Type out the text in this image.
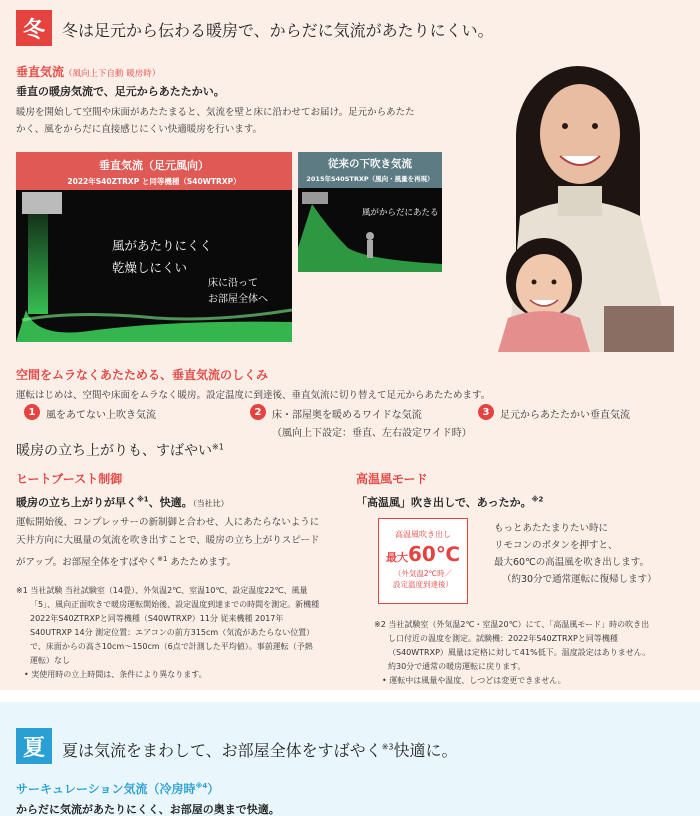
冬	冬は足元から伝わる暖房で、からだに気流があたりにくい。
垂直気流（風向上下自動 暖房時）
垂直の暖房気流で、足元からあたたかい。
暖房を開始して空間や床面があたたまると、気流を壁と床に沿わせてお届け。足元からあたた
かく、風をからだに直接感じにくい快適暖房を行います。
垂直気流（足元風向）
2022年S40ZTRXP と同等機種（S40WTRXP）
風があたりにくく
乾燥しにくい
床に沿って
お部屋全体へ
従来の下吹き気流
2015年S40STRXP（風向・風量を再現）
風がからだにあたる
空間をムラなくあたためる、垂直気流のしくみ
運転はじめは、空間や床面をムラなく暖房。設定温度に到達後、垂直気流に切り替えて足元からあたためます。
1	風をあてない上吹き気流	2	床・部屋奥を暖めるワイドな気流
（風向上下設定：垂直、左右設定ワイド時）
3	足元からあたたかい垂直気流
暖房の立ち上がりも、すばやい$^{※1}$
ヒートブースト制御
暖房の立ち上がりが早く$^{※1}$、快適。（当社比）
運転開始後、コンプレッサーの新制御と合わせ、人にあたらないように
天井方向に大風量の気流を吹き出すことで、暖房の立ち上がりスピード
がアップ。お部屋全体をすばやく$^{※1}$ あたためます。
※1 当社試験 当社試験室（14畳）、外気温2℃、室温10℃、設定温度22℃、風量
「5」、風向正面吹きで暖房運転開始後、設定温度到達までの時間を測定。新機種
2022年S40ZTRXPと同等機種（S40WTRXP）11分 従来機種 2017年
S40UTRXP 14分 測定位置：エアコンの前方315cm（気流があたらない位置）
で、床面からの高さ10cm〜150cm（6点で計測した平均値）。事前運転（予熱
運転）なし
• 実使用時の立上時間は、条件により異なります。
高温風モード
「高温風」吹き出しで、あったか。$^{※2}$
高温風吹き出し
最大60℃
（外気温2℃時／
設定温度到達後）
もっとあたたまりたい時に
リモコンのボタンを押すと、
最大60℃の高温風を吹き出します。
（約30分で通常運転に復帰します）
※2 当社試験室（外気温2℃・室温20℃）にて、「高温風モード」時の吹き出
し口付近の温度を測定。試験機：2022年S40ZTRXPと同等機種
（S40WTRXP）風量は定格に対して41%低下。温度設定はありません。
約30分で通常の暖房運転に戻ります。
• 運転中は風量や温度、しつどは変更できません。
夏	夏は気流をまわして、お部屋全体をすばやく$^{※3}$快適に。
サーキュレーション気流（冷房時$^{※4}$）
からだに気流があたりにくく、お部屋の奥まで快適。
